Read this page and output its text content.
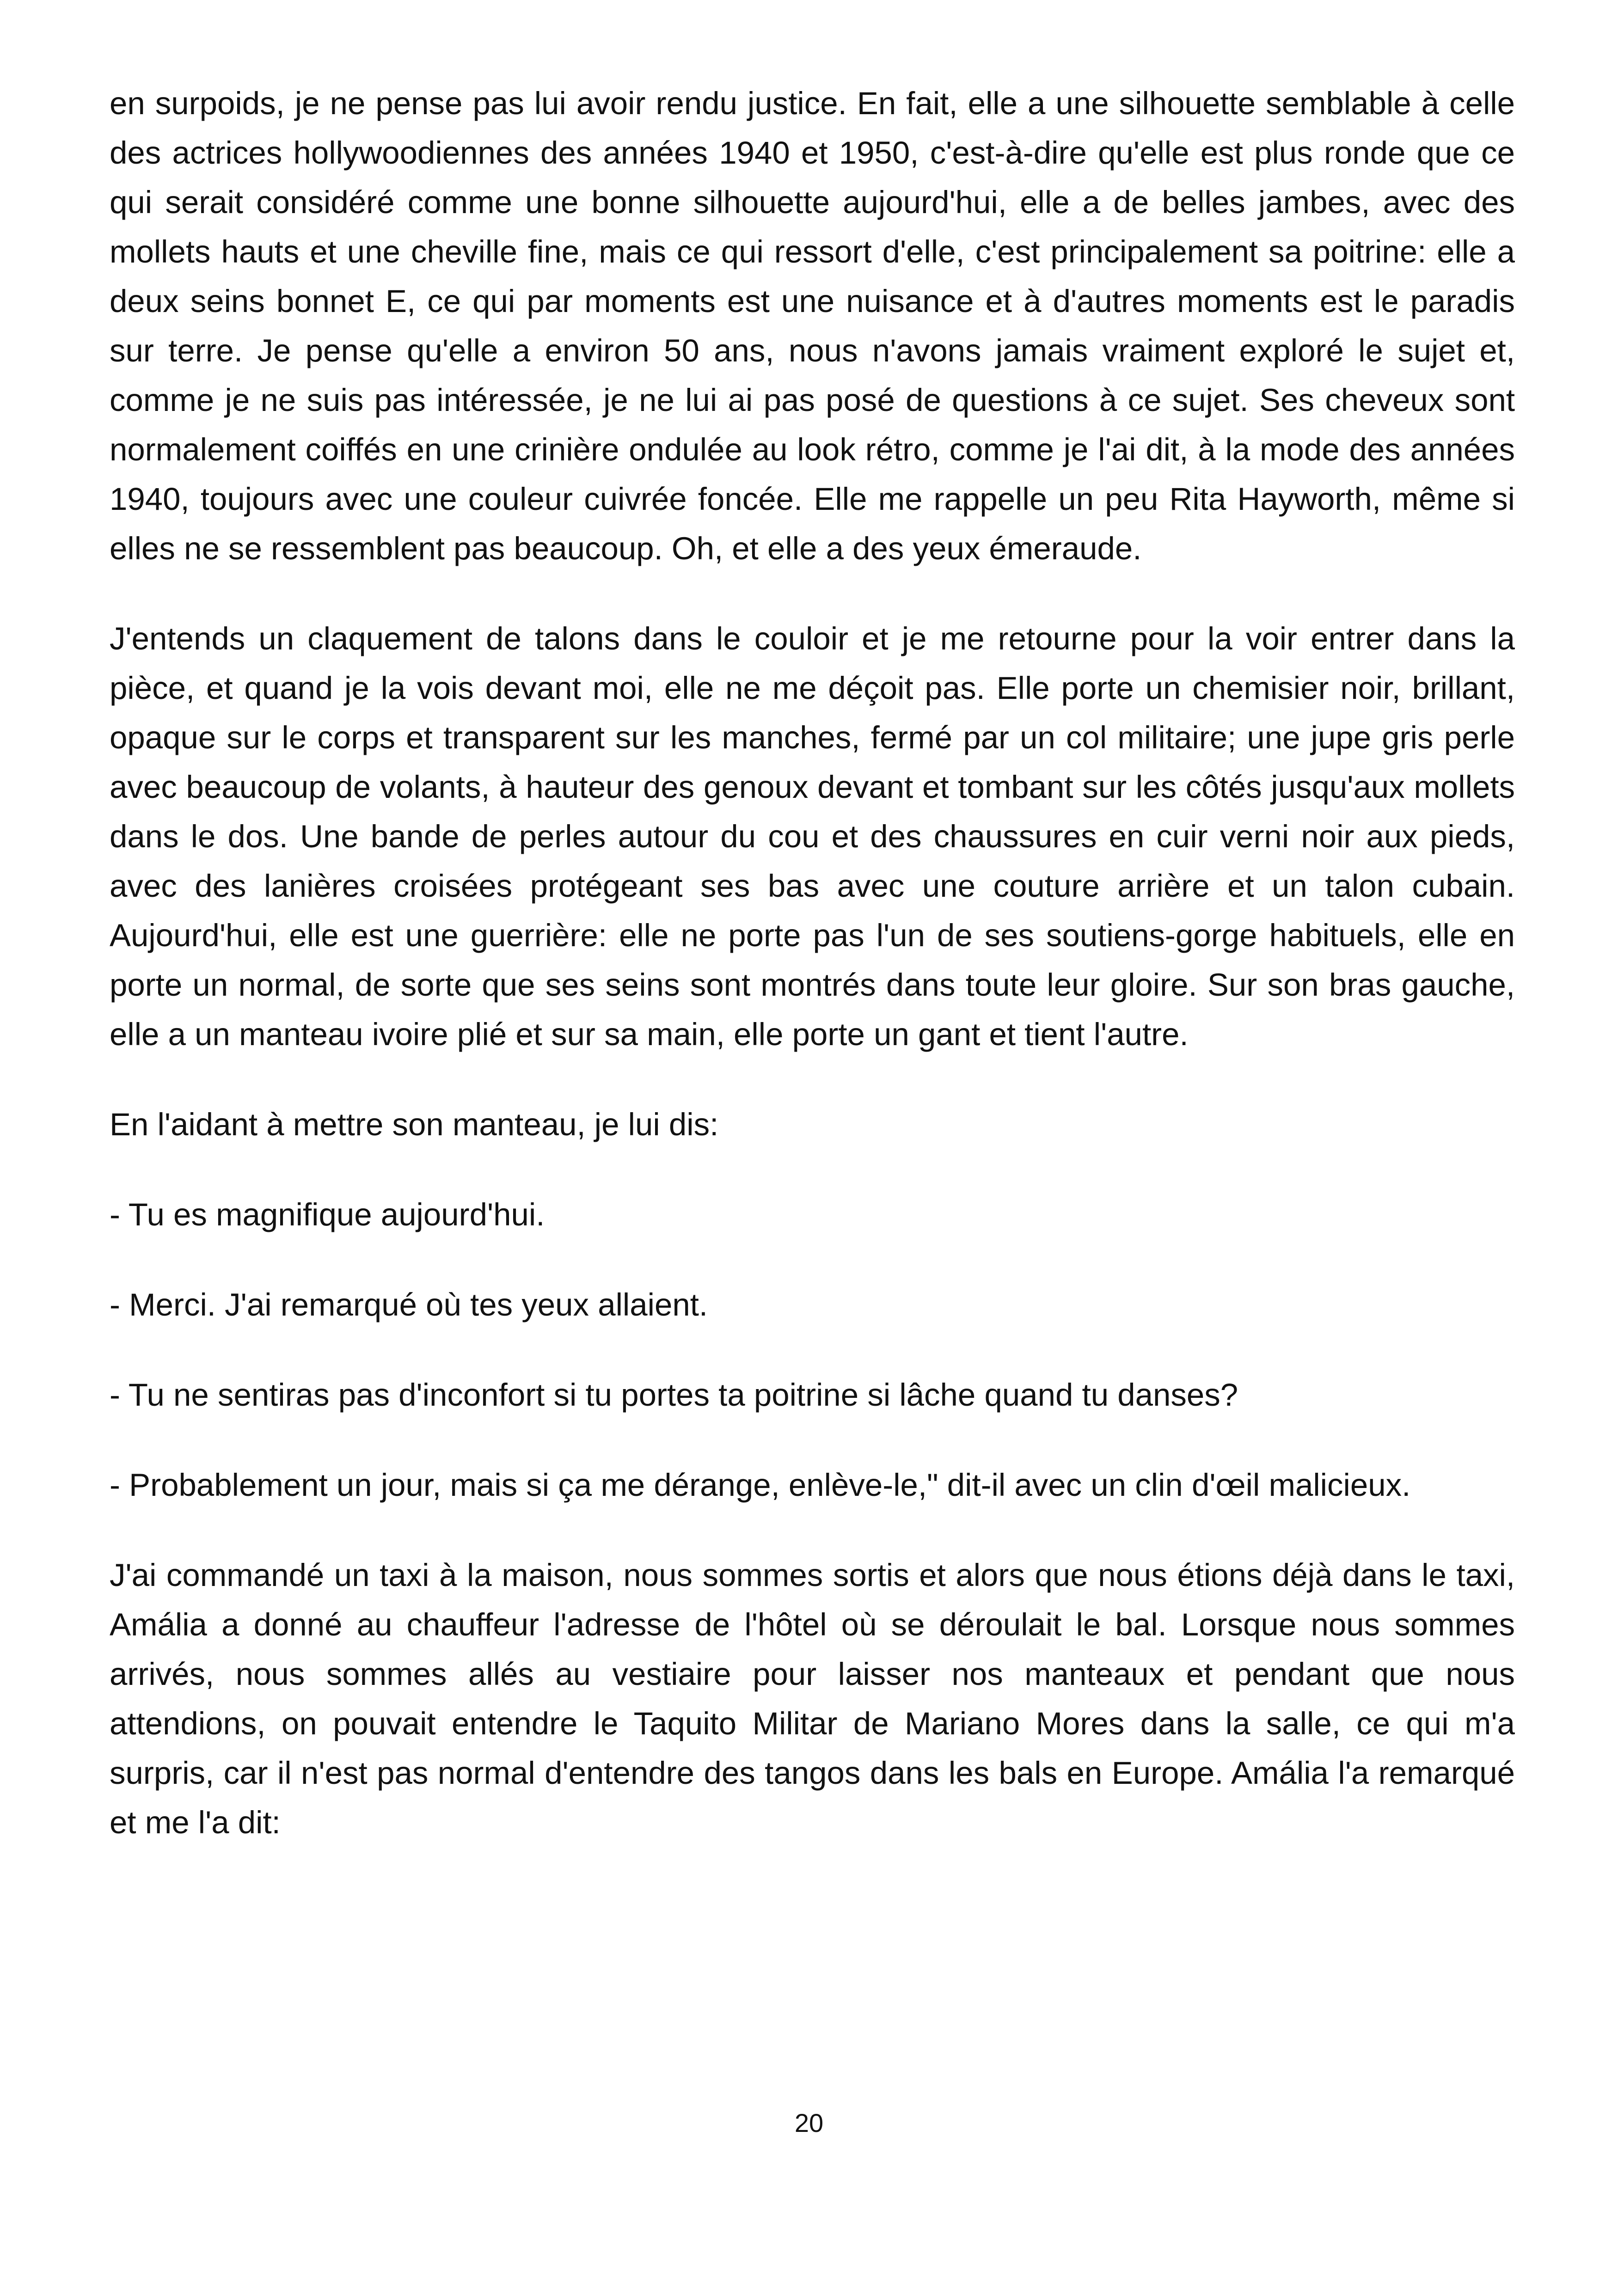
en surpoids, je ne pense pas lui avoir rendu justice. En fait, elle a une silhouette semblable à celle des actrices hollywoodiennes des années 1940 et 1950, c'est-à-dire qu'elle est plus ronde que ce qui serait considéré comme une bonne silhouette aujourd'hui, elle a de belles jambes, avec des mollets hauts et une cheville fine, mais ce qui ressort d'elle, c'est principalement sa poitrine: elle a deux seins bonnet E, ce qui par moments est une nuisance et à d'autres moments est le paradis sur terre. Je pense qu'elle a environ 50 ans, nous n'avons jamais vraiment exploré le sujet et, comme je ne suis pas intéressée, je ne lui ai pas posé de questions à ce sujet. Ses cheveux sont normalement coiffés en une crinière ondulée au look rétro, comme je l'ai dit, à la mode des années 1940, toujours avec une couleur cuivrée foncée. Elle me rappelle un peu Rita Hayworth, même si elles ne se ressemblent pas beaucoup. Oh, et elle a des yeux émeraude.

J'entends un claquement de talons dans le couloir et je me retourne pour la voir entrer dans la pièce, et quand je la vois devant moi, elle ne me déçoit pas. Elle porte un chemisier noir, brillant, opaque sur le corps et transparent sur les manches, fermé par un col militaire; une jupe gris perle avec beaucoup de volants, à hauteur des genoux devant et tombant sur les côtés jusqu'aux mollets dans le dos. Une bande de perles autour du cou et des chaussures en cuir verni noir aux pieds, avec des lanières croisées protégeant ses bas avec une couture arrière et un talon cubain. Aujourd'hui, elle est une guerrière: elle ne porte pas l'un de ses soutiens-gorge habituels, elle en porte un normal, de sorte que ses seins sont montrés dans toute leur gloire. Sur son bras gauche, elle a un manteau ivoire plié et sur sa main, elle porte un gant et tient l'autre.

En l'aidant à mettre son manteau, je lui dis:

- Tu es magnifique aujourd'hui.

- Merci. J'ai remarqué où tes yeux allaient.

- Tu ne sentiras pas d'inconfort si tu portes ta poitrine si lâche quand tu danses?

- Probablement un jour, mais si ça me dérange, enlève-le," dit-il avec un clin d'œil malicieux.

J'ai commandé un taxi à la maison, nous sommes sortis et alors que nous étions déjà dans le taxi, Amália a donné au chauffeur l'adresse de l'hôtel où se déroulait le bal. Lorsque nous sommes arrivés, nous sommes allés au vestiaire pour laisser nos manteaux et pendant que nous attendions, on pouvait entendre le Taquito Militar de Mariano Mores dans la salle, ce qui m'a surpris, car il n'est pas normal d'entendre des tangos dans les bals en Europe. Amália l'a remarqué et me l'a dit:

20
